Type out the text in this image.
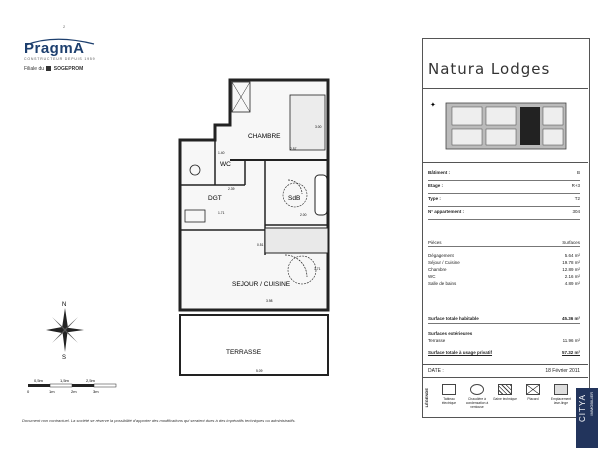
2
PragmA
CONSTRUCTEUR DEPUIS 1959
Filiale du SOGEPROM
CHAMBRE
WC
DGT	SdB
SEJOUR / CUISINE
TERRASSE
2.57
3.00
1.40
2.39
2.00
3.98
3.71
5.09
0.51
1.71
N
S
0,5m	1,5m	2,5m
0	1m	2m	3m
Document non contractuel. La société se réserve la possibilité d'apporter des modifications qui seraient dues à des impératifs techniques ou administratifs.
Natura Lodges
✦
Bâtiment :	B
Etage :	R+3
Type :	T2
N° appartement :	304
Pièces	Surfaces
Dégagement	5.64 m²
Séjour / Cuisine	19.78 m²
Chambre	12.89 m²
WC	2.16 m²
Salle de bains	4.89 m²
Surface totale habitable	45.36 m²
Surfaces extérieures
Terrasse	11.96 m²
Surface totale à usage privatif	57.32 m²
DATE :	18 Février 2011
LÉGENDE	Tableau électrique
Chaudière à condensation à ventouse
Gaine technique	Placard	Emplacement lave-linge	CITYA IMMOBILIER
